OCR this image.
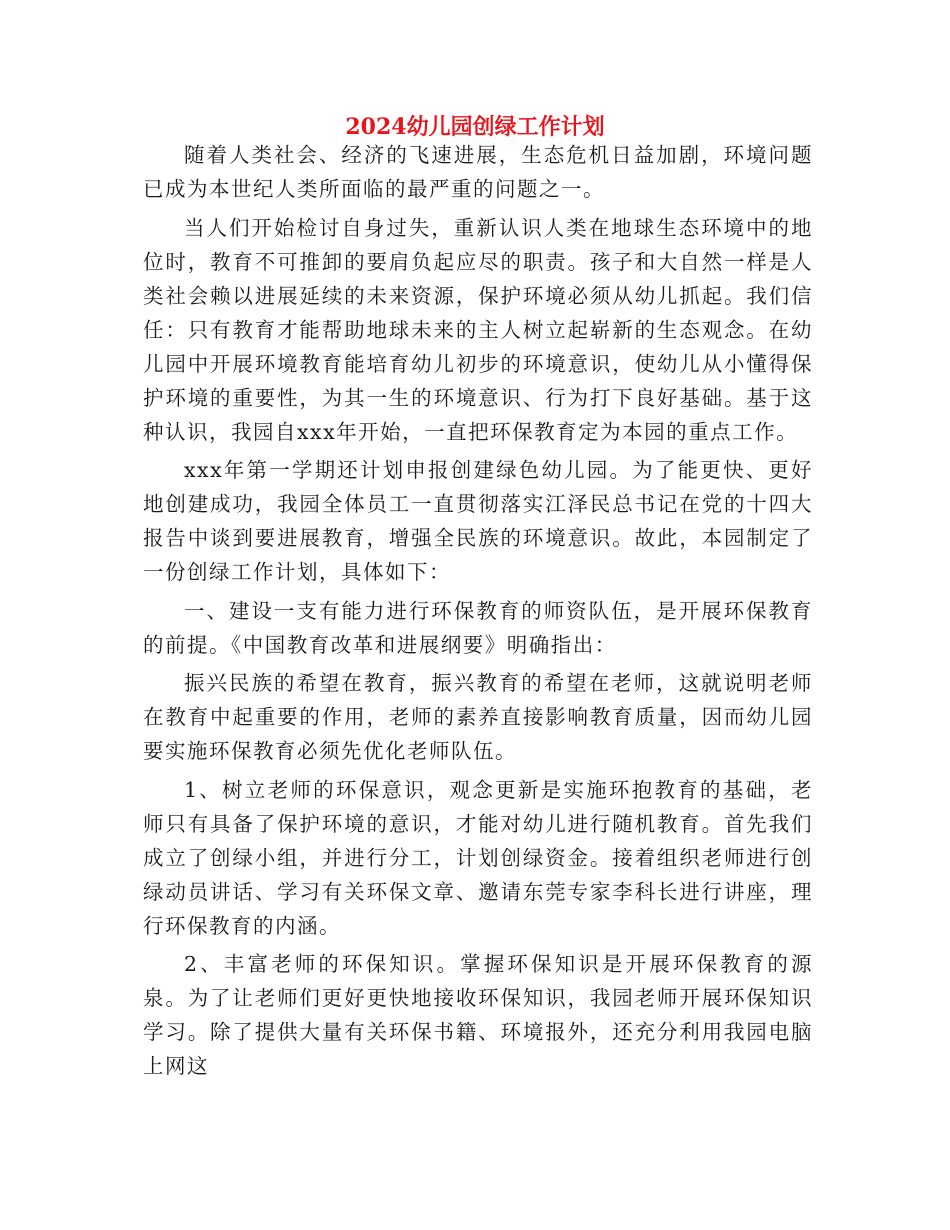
2024幼儿园创绿工作计划

随着人类社会、经济的飞速进展，生态危机日益加剧，环境问题已成为本世纪人类所面临的最严重的问题之一。

当人们开始检讨自身过失，重新认识人类在地球生态环境中的地位时，教育不可推卸的要肩负起应尽的职责。孩子和大自然一样是人类社会赖以进展延续的未来资源，保护环境必须从幼儿抓起。我们信任：只有教育才能帮助地球未来的主人树立起崭新的生态观念。在幼儿园中开展环境教育能培育幼儿初步的环境意识，使幼儿从小懂得保护环境的重要性，为其一生的环境意识、行为打下良好基础。基于这种认识，我园自xxx年开始，一直把环保教育定为本园的重点工作。

xxx年第一学期还计划申报创建绿色幼儿园。为了能更快、更好地创建成功，我园全体员工一直贯彻落实江泽民总书记在党的十四大报告中谈到要进展教育，增强全民族的环境意识。故此，本园制定了一份创绿工作计划，具体如下：

一、建设一支有能力进行环保教育的师资队伍，是开展环保教育的前提。《中国教育改革和进展纲要》明确指出：

振兴民族的希望在教育，振兴教育的希望在老师，这就说明老师在教育中起重要的作用，老师的素养直接影响教育质量，因而幼儿园要实施环保教育必须先优化老师队伍。

1、树立老师的环保意识，观念更新是实施环抱教育的基础，老师只有具备了保护环境的意识，才能对幼儿进行随机教育。首先我们成立了创绿小组，并进行分工，计划创绿资金。接着组织老师进行创绿动员讲话、学习有关环保文章、邀请东莞专家李科长进行讲座，理行环保教育的内涵。

2、丰富老师的环保知识。掌握环保知识是开展环保教育的源泉。为了让老师们更好更快地接收环保知识，我园老师开展环保知识学习。除了提供大量有关环保书籍、环境报外，还充分利用我园电脑上网这
